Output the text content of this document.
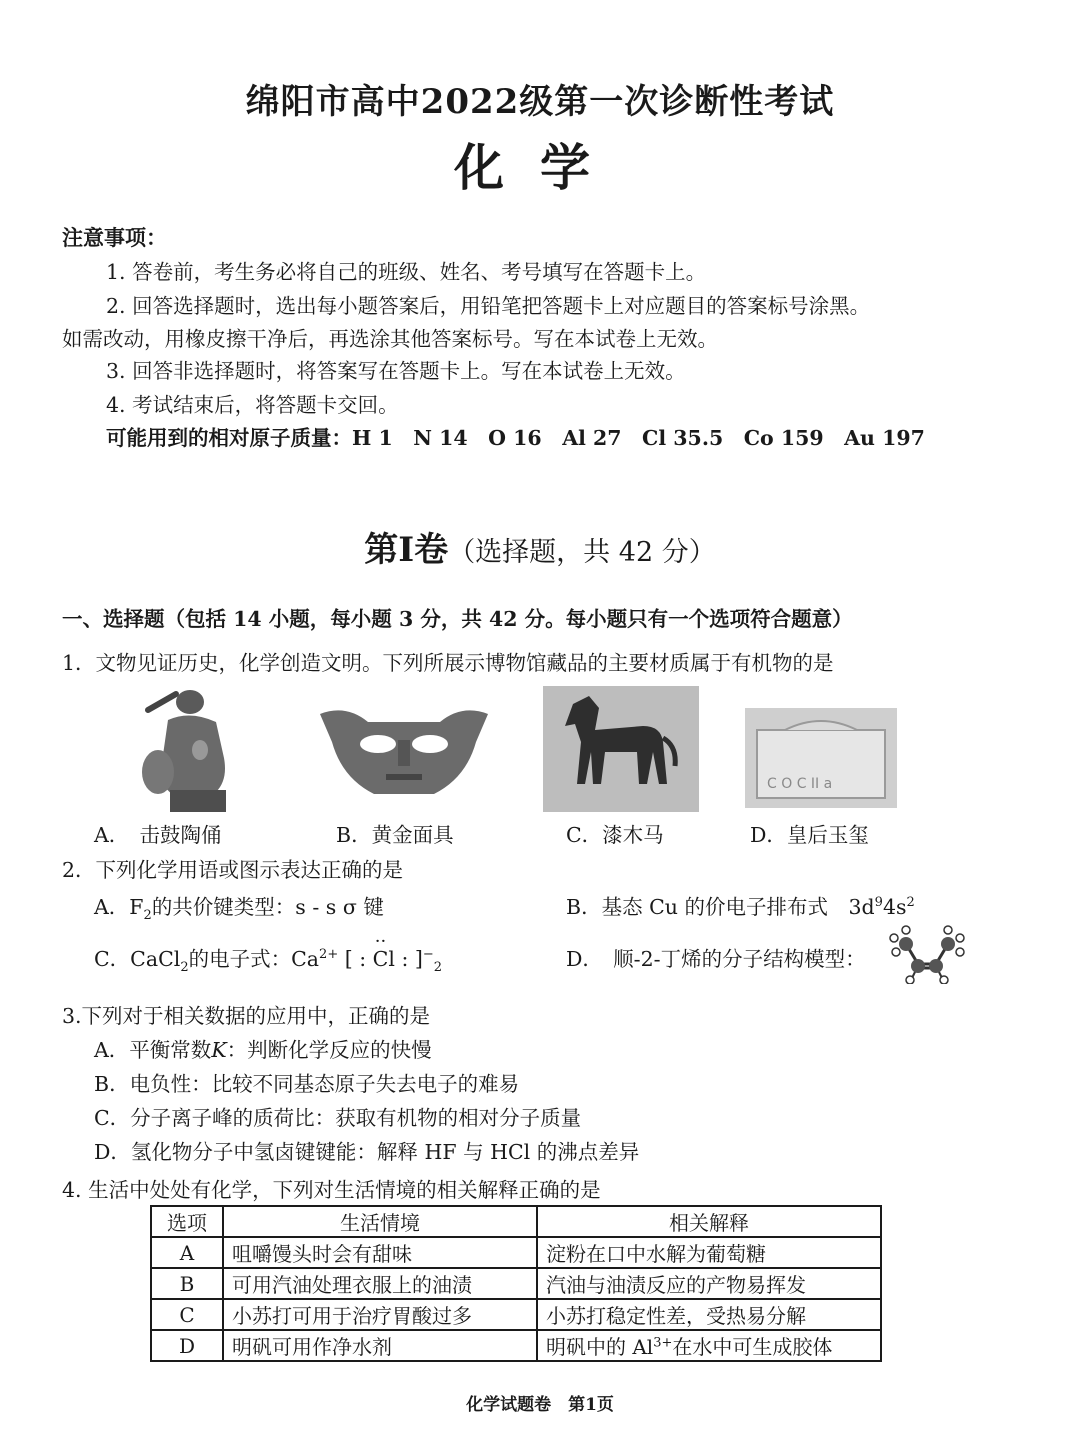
绵阳市高中2022级第一次诊断性考试
化学
注意事项：
1. 答卷前，考生务必将自己的班级、姓名、考号填写在答题卡上。
2. 回答选择题时，选出每小题答案后，用铅笔把答题卡上对应题目的答案标号涂黑。
如需改动，用橡皮擦干净后，再选涂其他答案标号。写在本试卷上无效。
3. 回答非选择题时，将答案写在答题卡上。写在本试卷上无效。
4. 考试结束后，将答题卡交回。
可能用到的相对原子质量：H 1　N 14　O 16　Al 27　Cl 35.5　Co 159　Au 197
第Ⅰ卷（选择题，共 42 分）
一、选择题（包括 14 小题，每小题 3 分，共 42 分。每小题只有一个选项符合题意）
1．文物见证历史，化学创造文明。下列所展示博物馆藏品的主要材质属于有机物的是
C O C II a
A．　击鼓陶俑	B．黄金面具	C．漆木马	D．皇后玉玺
2．下列化学用语或图示表达正确的是
A．$F_2$的共价键类型：s - s σ 键	B．基态 Cu 的价电子排布式　$3d^94s^2$
C．CaCl$_2$的电子式：$Ca^{2+}$
··
[ : Cl : ]$^-_2$	D．　顺-2-丁烯的分子结构模型：
3.下列对于相关数据的应用中，正确的是
A．平衡常数K：判断化学反应的快慢
B．电负性：比较不同基态原子失去电子的难易
C．分子离子峰的质荷比：获取有机物的相对分子质量
D．氢化物分子中氢卤键键能：解释 HF 与 HCl 的沸点差异
4. 生活中处处有化学，下列对生活情境的相关解释正确的是
选项	生活情境	相关解释
A	咀嚼馒头时会有甜味	淀粉在口中水解为葡萄糖
B	可用汽油处理衣服上的油渍	汽油与油渍反应的产物易挥发
C	小苏打可用于治疗胃酸过多	小苏打稳定性差，受热易分解
D	明矾可用作净水剂	明矾中的 $Al^{3+}$在水中可生成胶体
化学试题卷　第1页
